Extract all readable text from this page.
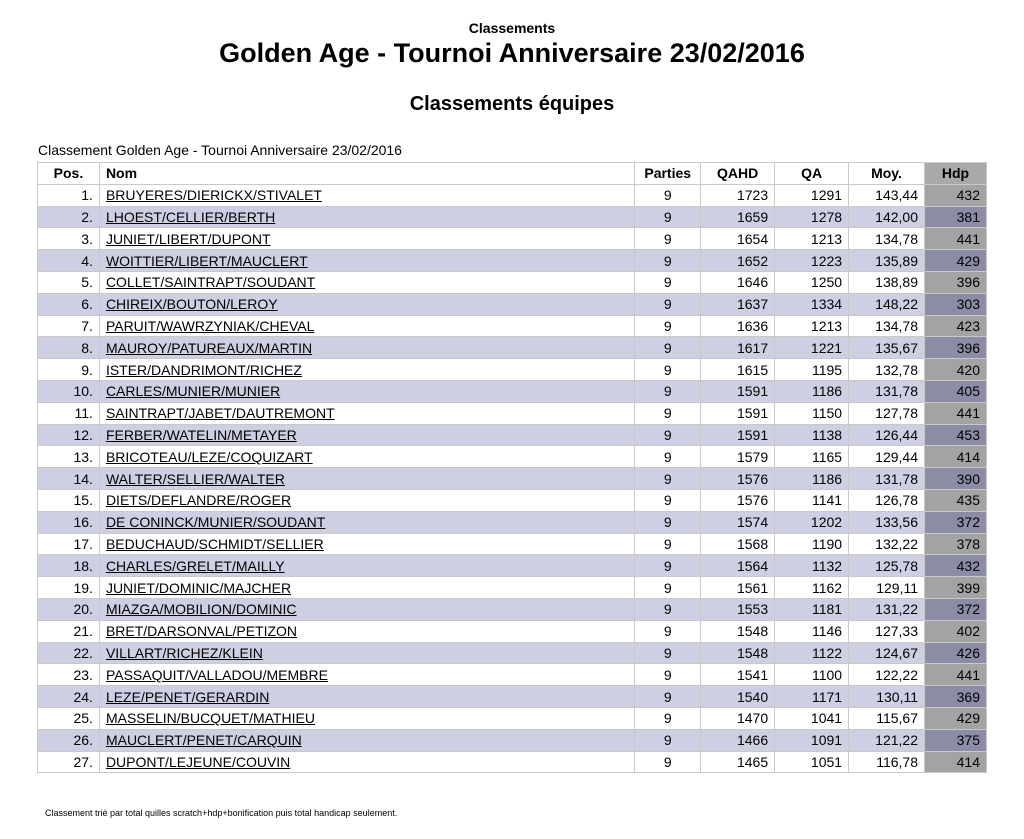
Classements
Golden Age - Tournoi Anniversaire 23/02/2016
Classements équipes
Classement Golden Age - Tournoi Anniversaire 23/02/2016
Pos.	Nom	Parties	QAHD	QA	Moy.	Hdp
1.	BRUYERES/DIERICKX/STIVALET	9	1723	1291	143,44	432
2.	LHOEST/CELLIER/BERTH	9	1659	1278	142,00	381
3.	JUNIET/LIBERT/DUPONT	9	1654	1213	134,78	441
4.	WOITTIER/LIBERT/MAUCLERT	9	1652	1223	135,89	429
5.	COLLET/SAINTRAPT/SOUDANT	9	1646	1250	138,89	396
6.	CHIREIX/BOUTON/LEROY	9	1637	1334	148,22	303
7.	PARUIT/WAWRZYNIAK/CHEVAL	9	1636	1213	134,78	423
8.	MAUROY/PATUREAUX/MARTIN	9	1617	1221	135,67	396
9.	ISTER/DANDRIMONT/RICHEZ	9	1615	1195	132,78	420
10.	CARLES/MUNIER/MUNIER	9	1591	1186	131,78	405
11.	SAINTRAPT/JABET/DAUTREMONT	9	1591	1150	127,78	441
12.	FERBER/WATELIN/METAYER	9	1591	1138	126,44	453
13.	BRICOTEAU/LEZE/COQUIZART	9	1579	1165	129,44	414
14.	WALTER/SELLIER/WALTER	9	1576	1186	131,78	390
15.	DIETS/DEFLANDRE/ROGER	9	1576	1141	126,78	435
16.	DE CONINCK/MUNIER/SOUDANT	9	1574	1202	133,56	372
17.	BEDUCHAUD/SCHMIDT/SELLIER	9	1568	1190	132,22	378
18.	CHARLES/GRELET/MAILLY	9	1564	1132	125,78	432
19.	JUNIET/DOMINIC/MAJCHER	9	1561	1162	129,11	399
20.	MIAZGA/MOBILION/DOMINIC	9	1553	1181	131,22	372
21.	BRET/DARSONVAL/PETIZON	9	1548	1146	127,33	402
22.	VILLART/RICHEZ/KLEIN	9	1548	1122	124,67	426
23.	PASSAQUIT/VALLADOU/MEMBRE	9	1541	1100	122,22	441
24.	LEZE/PENET/GERARDIN	9	1540	1171	130,11	369
25.	MASSELIN/BUCQUET/MATHIEU	9	1470	1041	115,67	429
26.	MAUCLERT/PENET/CARQUIN	9	1466	1091	121,22	375
27.	DUPONT/LEJEUNE/COUVIN	9	1465	1051	116,78	414
Classement trié par total quilles scratch+hdp+bonification puis total handicap seulement.
